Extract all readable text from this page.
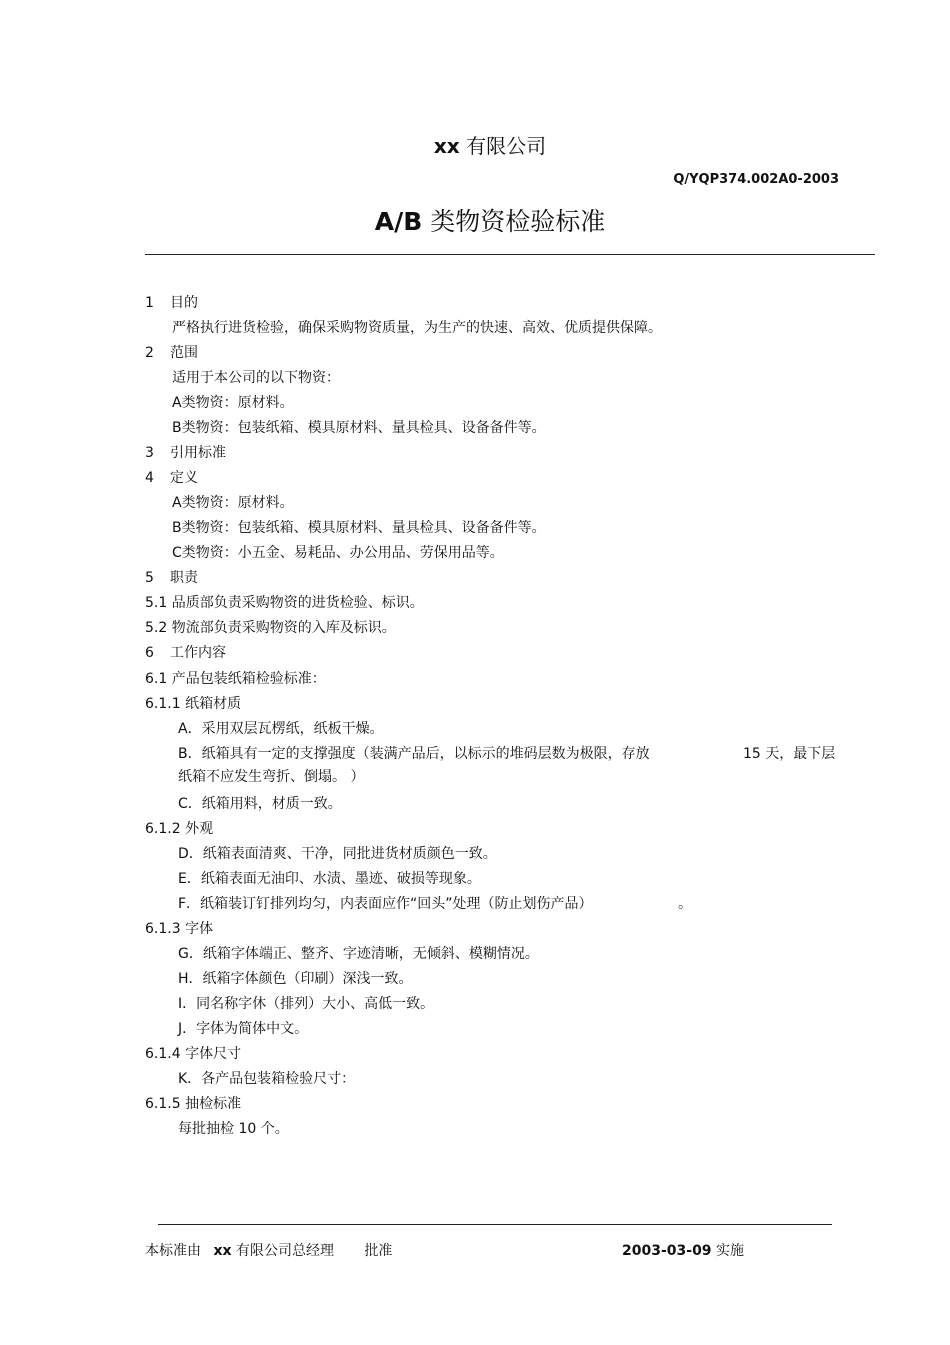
xx 有限公司
Q/YQP374.002A0-2003
A/B 类物资检验标准
1 目的
严格执行进货检验，确保采购物资质量，为生产的快速、高效、优质提供保障。
2 范围
适用于本公司的以下物资：
A类物资：原材料。
B类物资：包装纸箱、模具原材料、量具检具、设备备件等。
3 引用标准
4 定义
A类物资：原材料。
B类物资：包装纸箱、模具原材料、量具检具、设备备件等。
C类物资：小五金、易耗品、办公用品、劳保用品等。
5 职责
5.1 品质部负责采购物资的进货检验、标识。
5.2 物流部负责采购物资的入库及标识。
6 工作内容
6.1 产品包装纸箱检验标准：
6.1.1 纸箱材质
A．采用双层瓦楞纸，纸板干燥。
B．纸箱具有一定的支撑强度（装满产品后，以标示的堆码层数为极限，存放	15 天，最下层
纸箱不应发生弯折、倒塌。 ）
C．纸箱用料，材质一致。
6.1.2 外观
D．纸箱表面清爽、干净，同批进货材质颜色一致。
E．纸箱表面无油印、水渍、墨迹、破损等现象。
F．纸箱装订钉排列均匀，内表面应作“回头”处理（防止划伤产品）	。
6.1.3 字体
G．纸箱字体端正、整齐、字迹清晰，无倾斜、模糊情况。
H．纸箱字体颜色（印刷）深浅一致。
I．同名称字休（排列）大小、高低一致。
J．字体为简体中文。
6.1.4 字体尺寸
K．各产品包装箱检验尺寸：
6.1.5 抽检标准
每批抽检 10 个。
本标准由 xx 有限公司总经理 批准	2003-03-09 实施
